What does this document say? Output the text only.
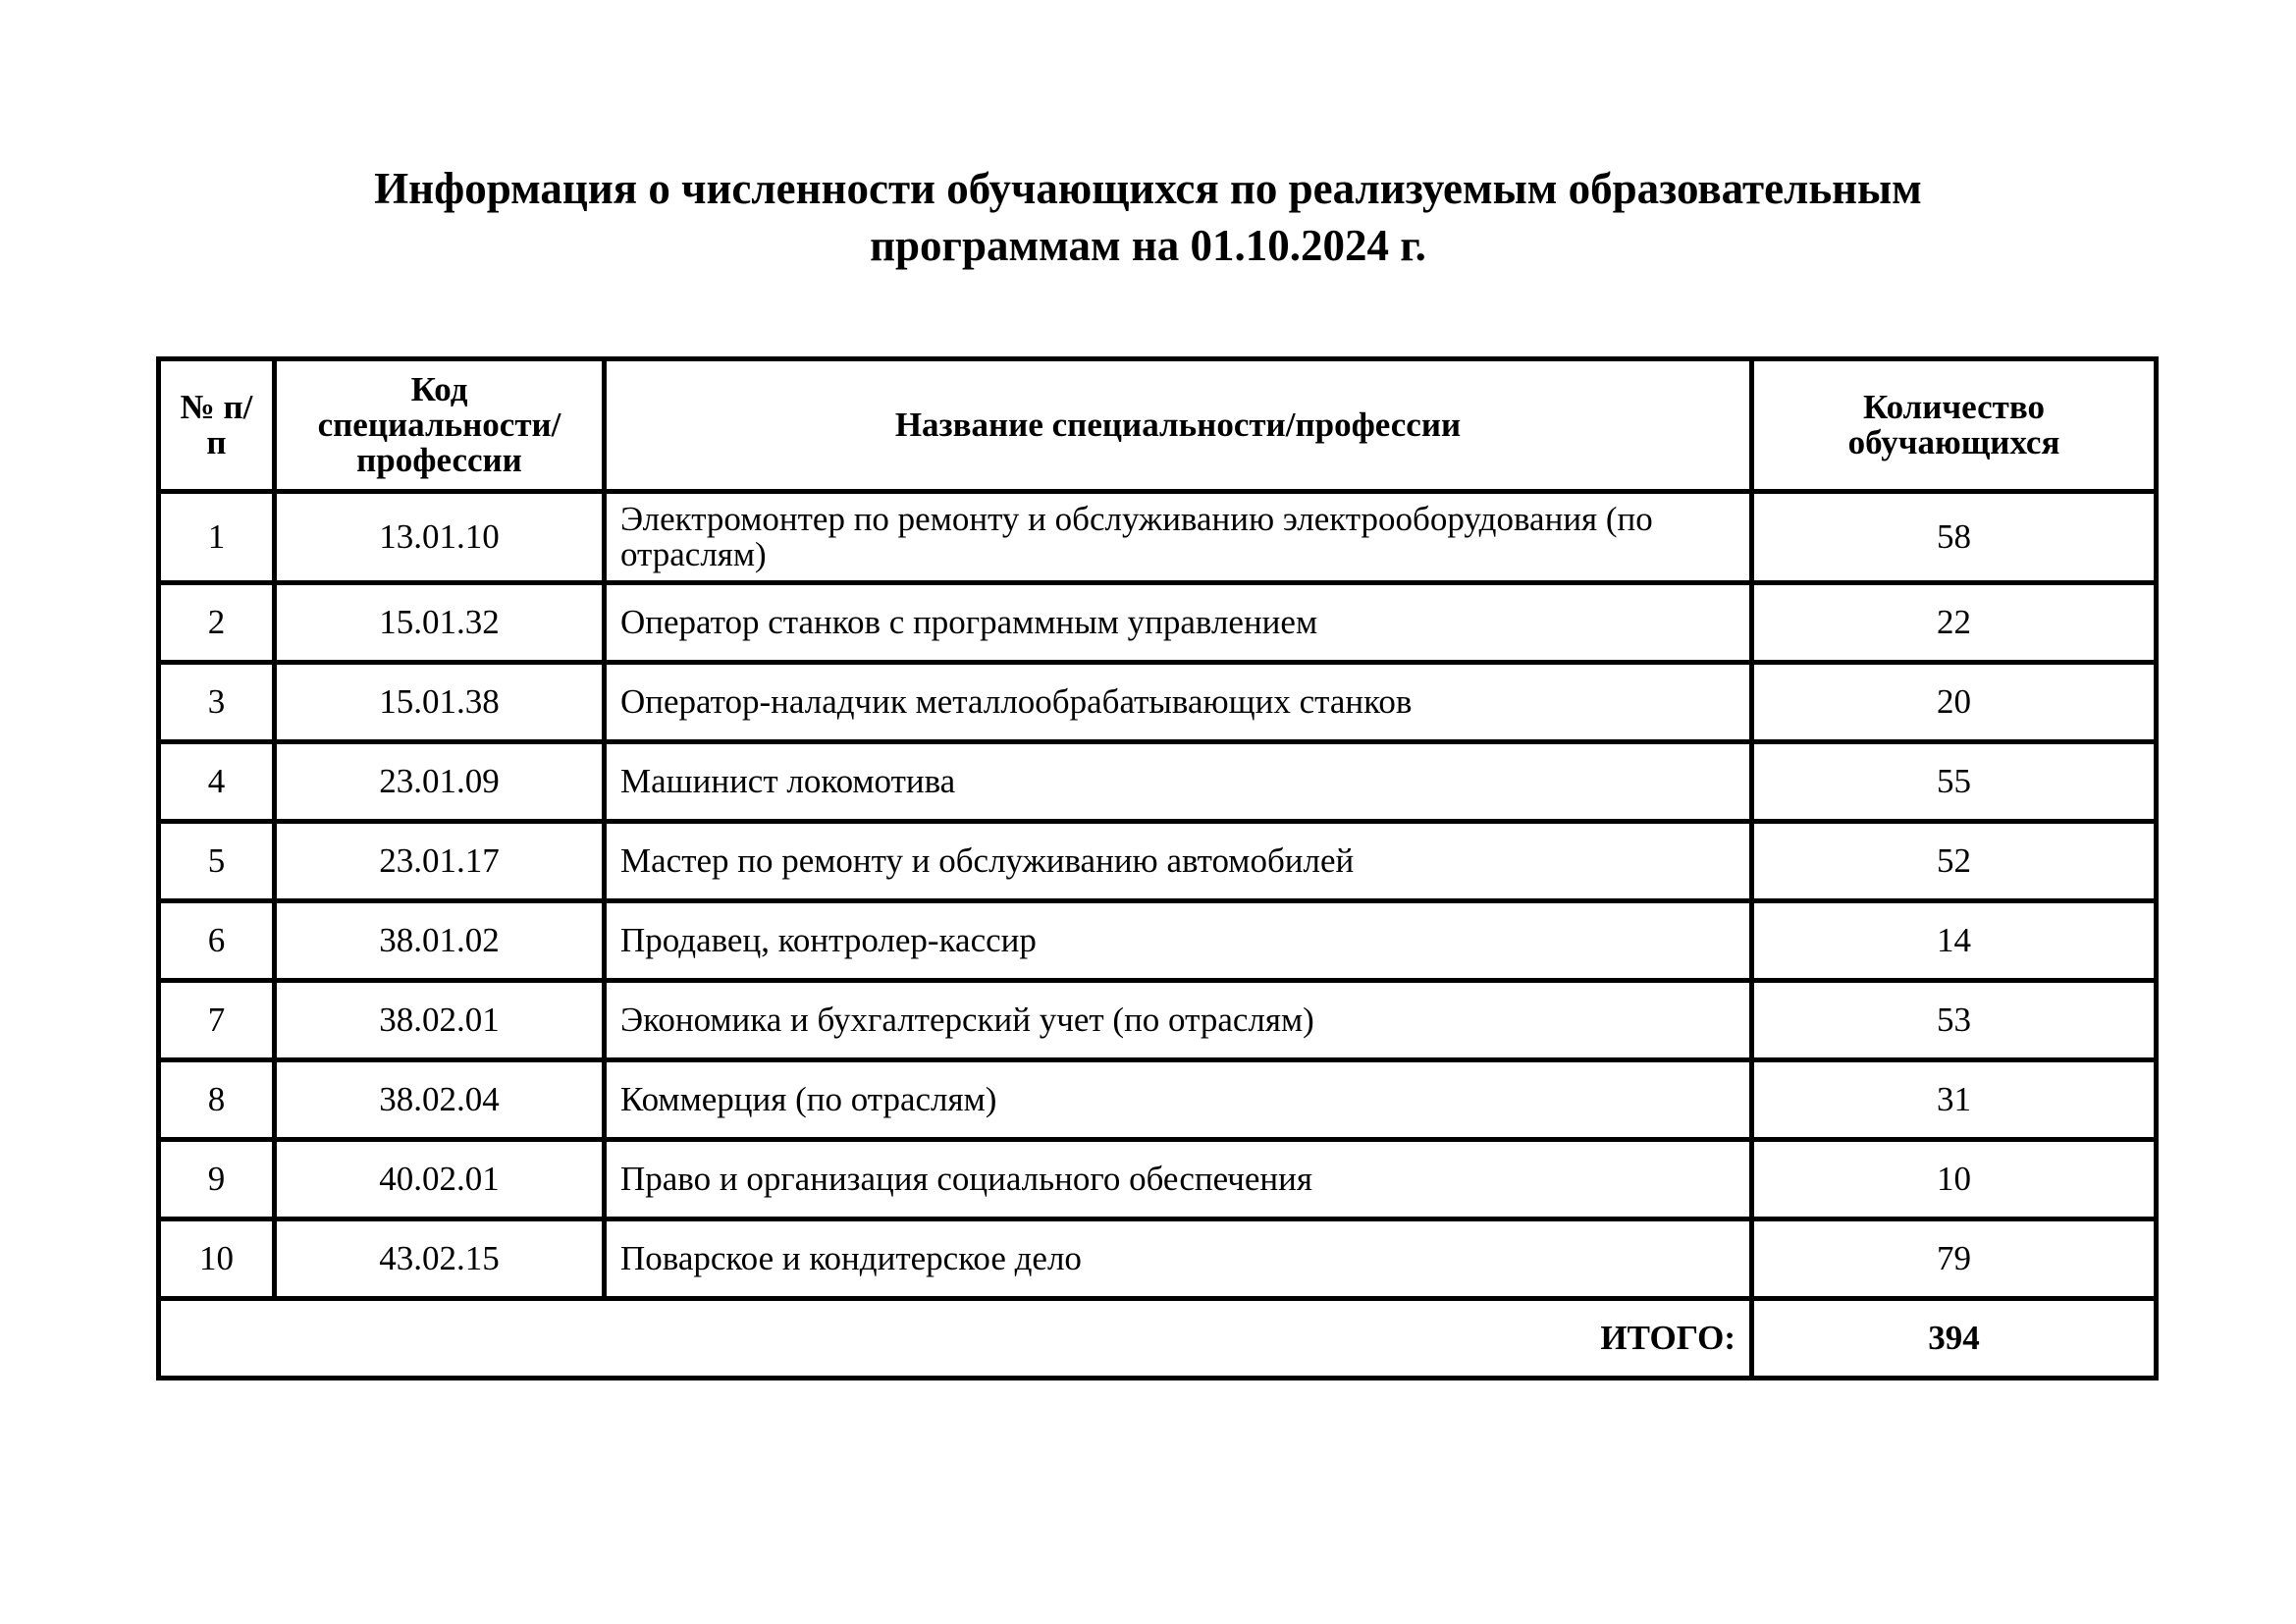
Информация о численности обучающихся по реализуемым образовательным
программам на 01.10.2024 г.
№ п/п	Код специальности/профессии	Название специальности/профессии	Количество обучающихся
1	13.01.10	Электромонтер по ремонту и обслуживанию электрооборудования (по отраслям)	58
2	15.01.32	Оператор станков с программным управлением	22
3	15.01.38	Оператор-наладчик металлообрабатывающих станков	20
4	23.01.09	Машинист локомотива	55
5	23.01.17	Мастер по ремонту и обслуживанию автомобилей	52
6	38.01.02	Продавец, контролер-кассир	14
7	38.02.01	Экономика и бухгалтерский учет (по отраслям)	53
8	38.02.04	Коммерция (по отраслям)	31
9	40.02.01	Право и организация социального обеспечения	10
10	43.02.15	Поварское и кондитерское дело	79
ИТОГО:			394
